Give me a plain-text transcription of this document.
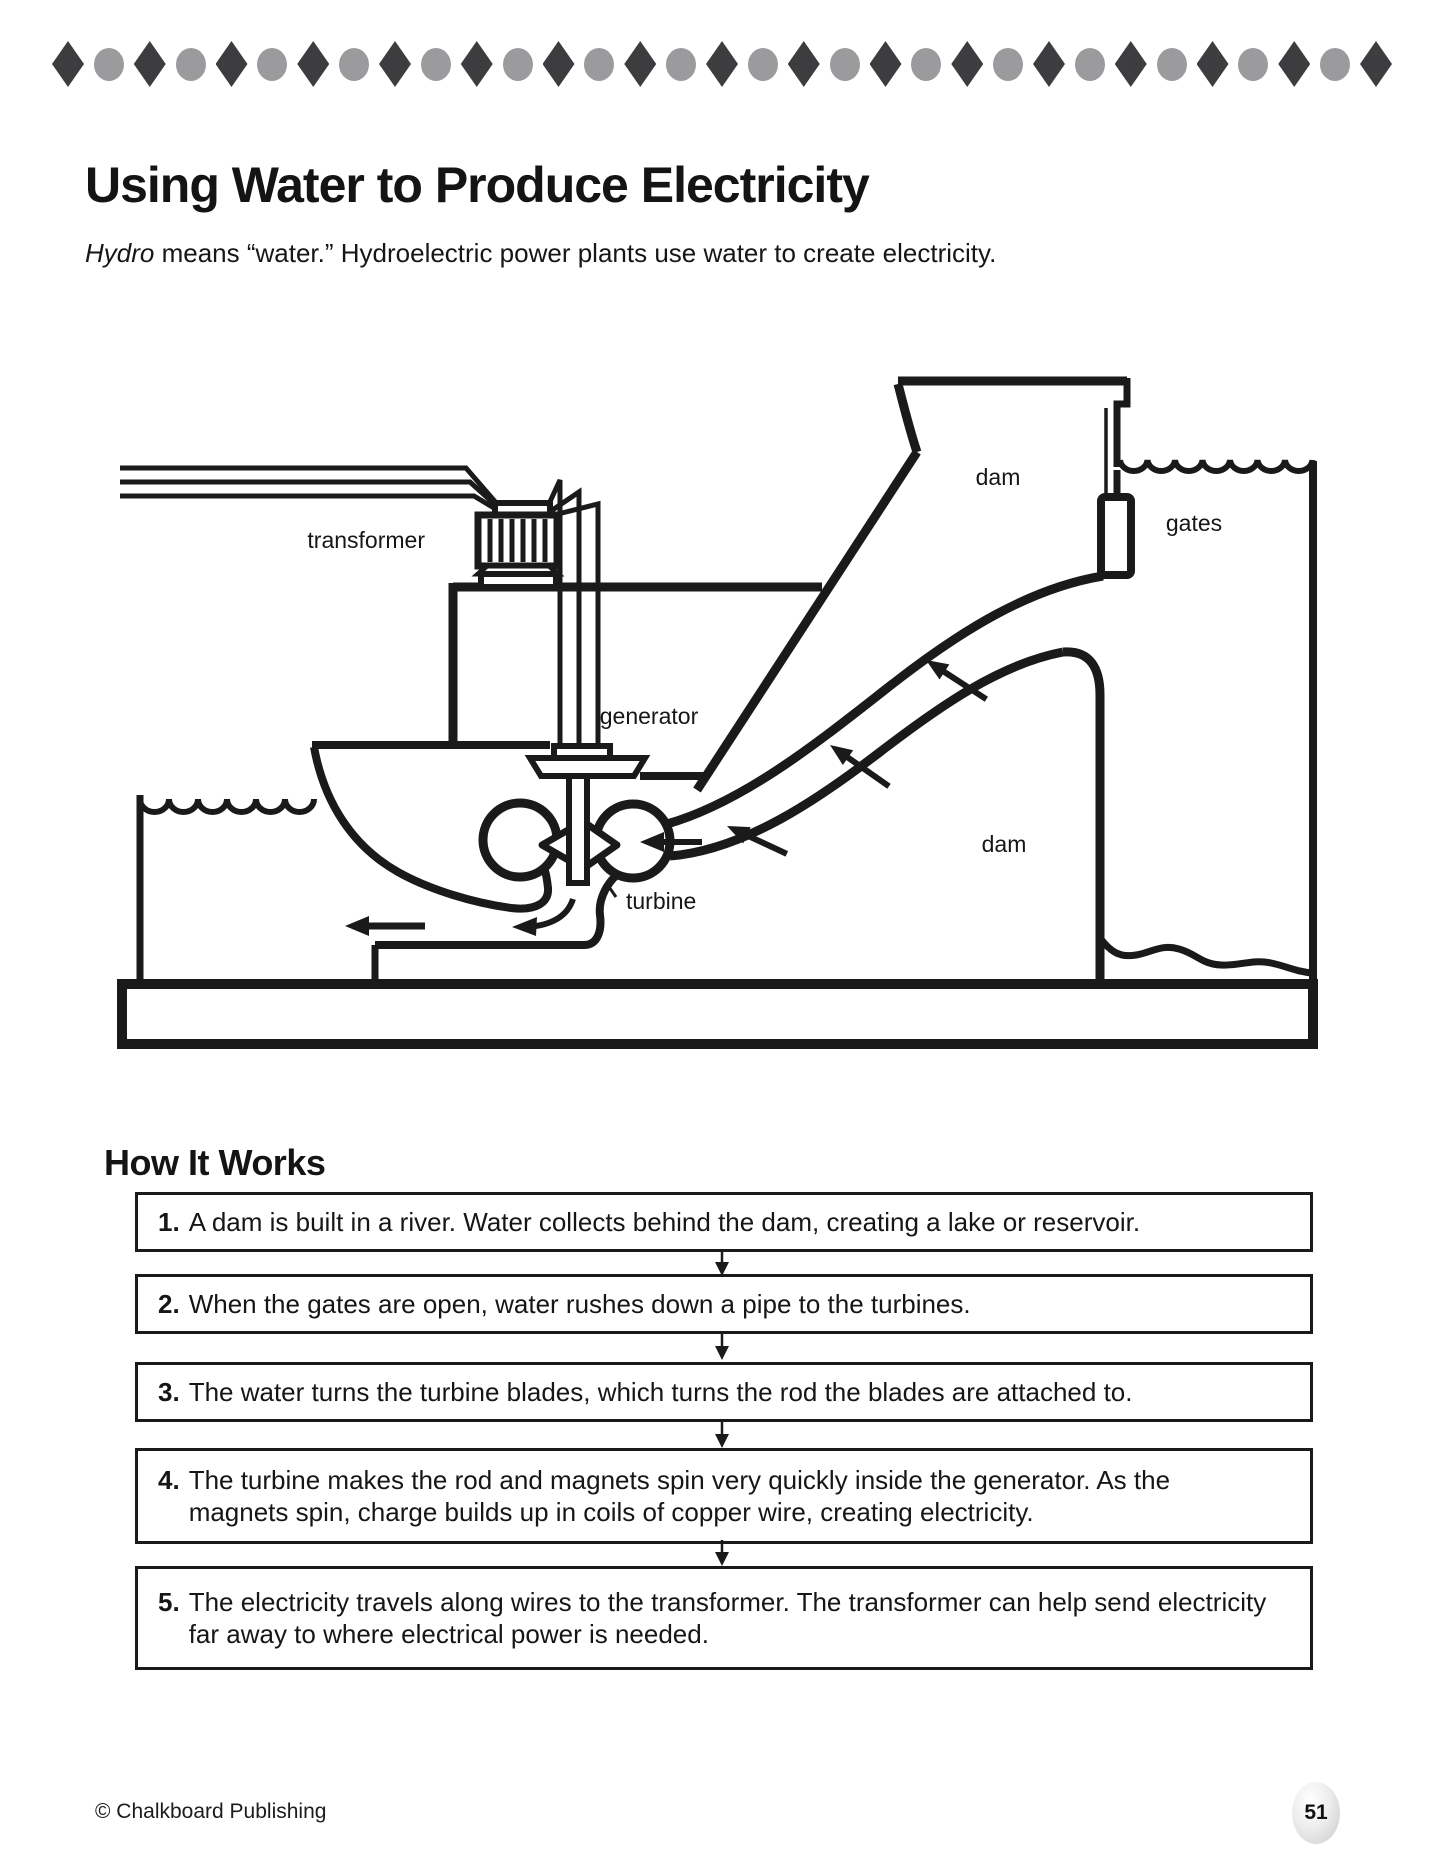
Using Water to Produce Electricity

Hydro means “water.” Hydroelectric power plants use water to create electricity.

transformer
dam
gates
generator
dam
turbine
How It Works
1. A dam is built in a river. Water collects behind the dam, creating a lake or reservoir.
2. When the gates are open, water rushes down a pipe to the turbines.
3. The water turns the turbine blades, which turns the rod the blades are attached to.
4. The turbine makes the rod and magnets spin very quickly inside the generator. As the magnets spin, charge builds up in coils of copper wire, creating electricity.
5. The electricity travels along wires to the transformer. The transformer can help send electricity far away to where electrical power is needed.
© Chalkboard Publishing	51
